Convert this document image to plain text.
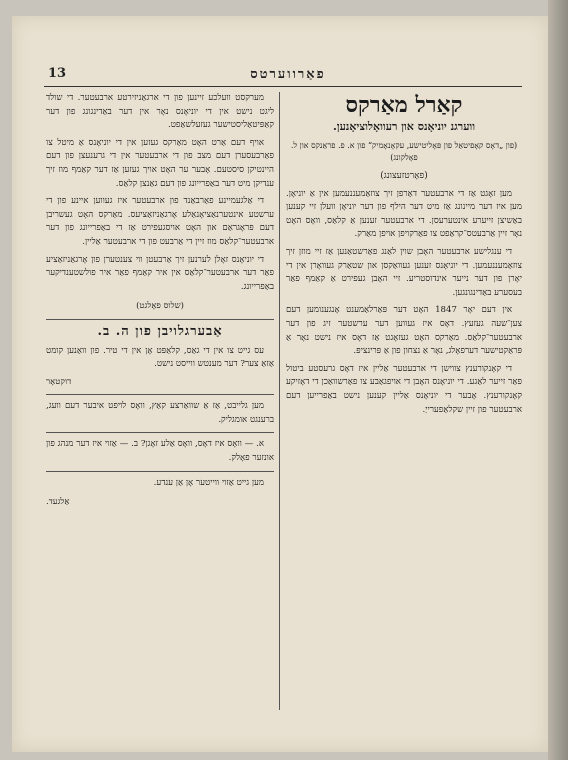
פאַרווערטס
13
קאַרל מאַרקס
ווערגנ יוניאָנס און רעוואָלוציאָנען.
(פון „דאָס קאָפיטאַל פון פּאָליטישע, עקאָנאָמיק“ פון א. פ. פראַנקס און ל. פאָלקונג)
(פאָרטזעצונג)

מען זאָגט אַז די ארבעטער דאַרפן זיך צוזאַמעננעמען אין אַ יוניאָן. מען איז דער מיינונג אַז מיט דער הילף פון דער יוניאָן וועלן זיי קענען באַשיצן זייערע אינטערעסן. די ארבעטער זענען אַ קלאַס, וואָס האָט נאָר זיין אַרבעטס־קראַפט צו פאַרקויפן אויפן מאַרק.

די ענגלישע ארבעטער האָבן שוין לאַנג פאַרשטאַנען אַז זיי מוזן זיך צוזאַמעננעמען. די יוניאָנס זענען געוואַקסן און שטאַרק געוואָרן אין די יאָרן פון דער נייער אינדוסטריע. זיי האָבן געפירט אַ קאַמף פאַר בעסערע באַדינגונגען.

אין דעם יאָר 1847 האָט דער פּאַרלאַמענט אָנגענומען דעם צען־שעה געזעץ. דאָס איז געווען דער ערשטער זיג פון דער ארבעטער־קלאַס. מאַרקס האָט געזאָגט אַז דאָס איז נישט נאָר אַ פּראַקטישער דערפאָלג, נאָר אַ נצחון פון אַ פּרינציפּ.

די קאָנקורענץ צווישן די ארבעטער אַליין איז דאָס גרעסטע ביטול פאַר זייער לאַגע. די יוניאָנס האָבן די אויפגאַבע צו פאַרשוואַכן די דאָזיקע קאָנקורענץ. אָבער די יוניאָנס אַליין קענען נישט באַפרייען דעם ארבעטער פון זיין שקלאַפערייַ.

מערקסט וועלכע זיינען פון די ארגאַניזירטע ארבעטער. די שולד ליגט נישט אין די יוניאָנס נאָר אין דער באַדינגונג פון דער קאַפּיטאַליסטישער געזעלשאַפט.

אויף דעם אַרט האָט מאַרקס געזען אין די יוניאָנס אַ מיטל צו פאַרבעסערן דעם מצב פון די ארבעטער אין די גרענעצן פון דעם היינטיקן סיסטעם. אָבער ער האָט אויך געזען אַז דער קאַמף מוז זיך ענדיקן מיט דער באַפרייונג פון דעם גאַנצן קלאַס.

די אַלגעמיינע פאַרבאַנד פון ארבעטער איז געווען איינע פון די ערשטע אינטערנאַציאָנאַלע אָרגאַניזאַציעס. מאַרקס האָט געשריבן דעם פּראָגראַם און האָט אויסגעפירט אַז די באַפרייונג פון דער ארבעטער־קלאַס מוז זיין די אַרבעט פון די ארבעטער אַליין.

די יוניאָנס זאָלן לערנען זיך אַרבעטן ווי צענטערן פון אָרגאַניזאַציע פאַר דער ארבעטער־קלאַס אין איר קאַמף פאַר איר פולשטענדיקער באַפרייונג.

(שלוס פאָלגט)
אַבערגלויבן פון ה. ב.

עס גייט צו אין די גאַס, קלאַפּט אָן אין די טיר. פון וואַנען קומט אַזאַ צער? דער מענטש ווייסט נישט.

דוקטאָר

מען גלייבט, אַז אַ שוואַרצע קאַץ, וואָס לויפט איבער דעם וועג, ברענגט אומגליק.

א. — וואָס איז דאָס, וואָס אַלע זאָגן? ב. — אַזוי איז דער מנהג פון אונזער פאָלק.

מען גייט אַזוי ווייטער אָן אַן ענדע.

אַלגעד.
